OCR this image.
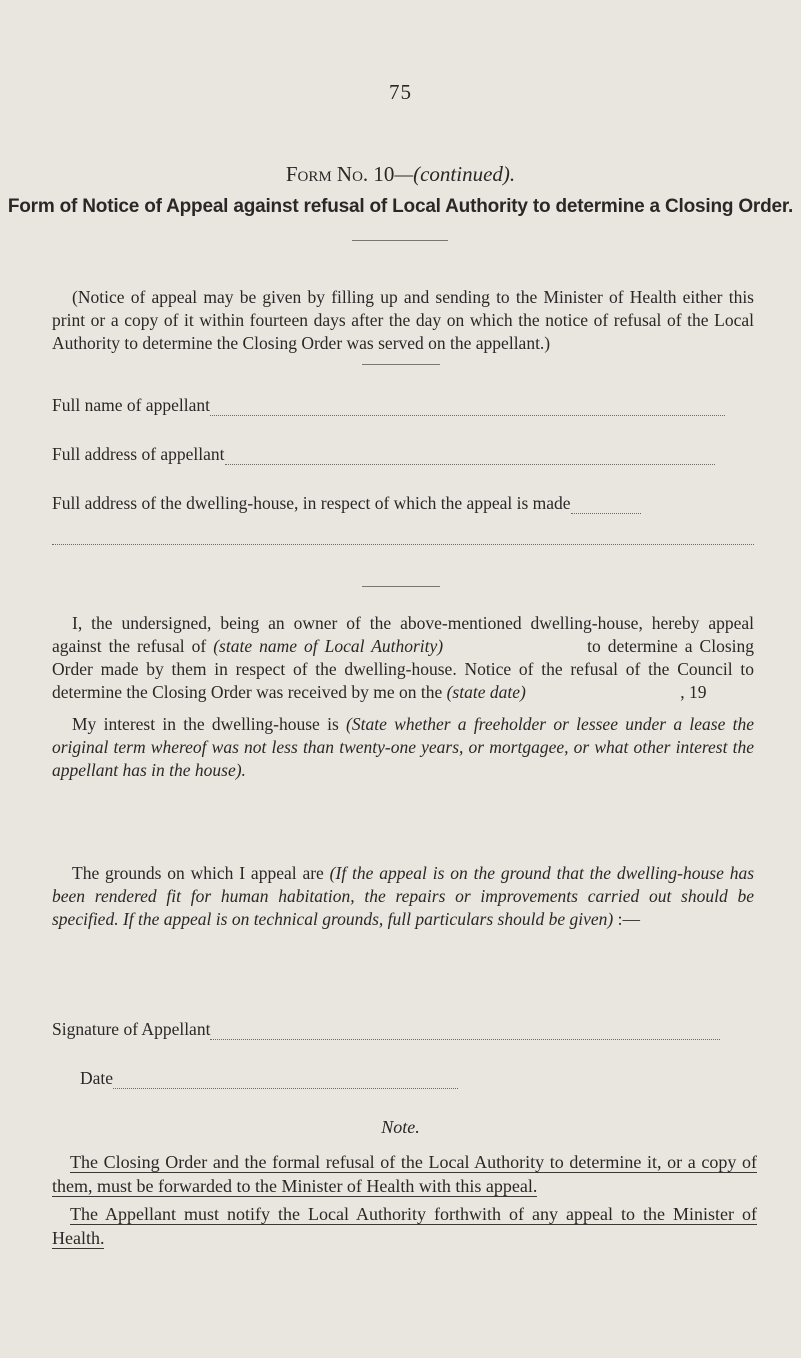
75
Form No. 10—(continued).
Form of Notice of Appeal against refusal of Local Authority to determine a Closing Order.
(Notice of appeal may be given by filling up and sending to the Minister of Health either this print or a copy of it within fourteen days after the day on which the notice of refusal of the Local Authority to determine the Closing Order was served on the appellant.)
Full name of appellant
Full address of appellant
Full address of the dwelling-house, in respect of which the appeal is made
I, the undersigned, being an owner of the above-mentioned dwelling-house, hereby appeal against the refusal of (state name of Local Authority)	to determine a Closing Order made by them in respect of the dwelling-house. Notice of the refusal of the Council to determine the Closing Order was received by me on the (state date)	, 19
My interest in the dwelling-house is (State whether a freeholder or lessee under a lease the original term whereof was not less than twenty-one years, or mortgagee, or what other interest the appellant has in the house).
The grounds on which I appeal are (If the appeal is on the ground that the dwelling-house has been rendered fit for human habitation, the repairs or improvements carried out should be specified. If the appeal is on technical grounds, full particulars should be given) :—
Signature of Appellant
Date
Note.
The Closing Order and the formal refusal of the Local Authority to determine it, or a copy of them, must be forwarded to the Minister of Health with this appeal.
The Appellant must notify the Local Authority forthwith of any appeal to the Minister of Health.
